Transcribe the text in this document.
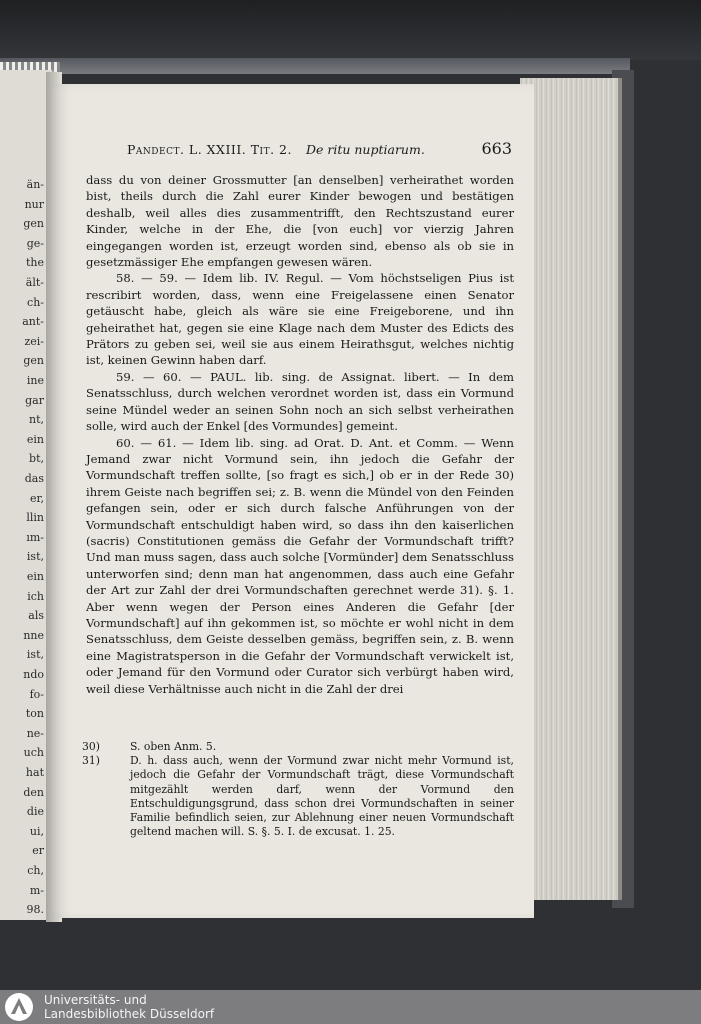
än-
nur
gen
ge-
the
ält-
ch-
ant-
zei-
gen
ine
gar
nt,
ein
bt,
das
er,
llin
ım-
ist,
ein
ich
als
nne
ist,
ndo
fo-
ton
ne-
uch
hat
den
die
ui,
er
ch,
m-
98.
Pandect. L. XXIII. Tit. 2. De ritu nuptiarum.	663

dass du von deiner Grossmutter [an denselben] verheirathet worden bist, theils durch die Zahl eurer Kinder bewogen und bestätigen deshalb, weil alles dies zusammentrifft, den Rechtszustand eurer Kinder, welche in der Ehe, die [von euch] vor vierzig Jahren eingegangen worden ist, erzeugt worden sind, ebenso als ob sie in gesetzmässiger Ehe empfangen gewesen wären.

58. — 59. — Idem lib. IV. Regul. — Vom höchstseligen Pius ist rescribirt worden, dass, wenn eine Freigelassene einen Senator getäuscht habe, gleich als wäre sie eine Freigeborene, und ihn geheirathet hat, gegen sie eine Klage nach dem Muster des Edicts des Prätors zu geben sei, weil sie aus einem Heirathsgut, welches nichtig ist, keinen Gewinn haben darf.

59. — 60. — PAUL. lib. sing. de Assignat. libert. — In dem Senatsschluss, durch welchen verordnet worden ist, dass ein Vormund seine Mündel weder an seinen Sohn noch an sich selbst verheirathen solle, wird auch der Enkel [des Vormundes] gemeint.

60. — 61. — Idem lib. sing. ad Orat. D. Ant. et Comm. — Wenn Jemand zwar nicht Vormund sein, ihn jedoch die Gefahr der Vormundschaft treffen sollte, [so fragt es sich,] ob er in der Rede 30) ihrem Geiste nach begriffen sei; z. B. wenn die Mündel von den Feinden gefangen sein, oder er sich durch falsche Anführungen von der Vormundschaft entschuldigt haben wird, so dass ihn den kaiserlichen (sacris) Constitutionen gemäss die Gefahr der Vormundschaft trifft? Und man muss sagen, dass auch solche [Vormünder] dem Senatsschluss unterworfen sind; denn man hat angenommen, dass auch eine Gefahr der Art zur Zahl der drei Vormundschaften gerechnet werde 31). §. 1. Aber wenn wegen der Person eines Anderen die Gefahr [der Vormundschaft] auf ihn gekommen ist, so möchte er wohl nicht in dem Senatsschluss, dem Geiste desselben gemäss, begriffen sein, z. B. wenn eine Magistratsperson in die Gefahr der Vormundschaft verwickelt ist, oder Jemand für den Vormund oder Curator sich verbürgt haben wird, weil diese Verhältnisse auch nicht in die Zahl der drei

30)	S. oben Anm. 5.

31)	D. h. dass auch, wenn der Vormund zwar nicht mehr Vormund ist, jedoch die Gefahr der Vormundschaft trägt, diese Vormundschaft mitgezählt werden darf, wenn der Vormund den Entschuldigungsgrund, dass schon drei Vormundschaften in seiner Familie befindlich seien, zur Ablehnung einer neuen Vormundschaft geltend machen will. S. §. 5. I. de excusat. 1. 25.

Universitäts- und
Landesbibliothek Düsseldorf
